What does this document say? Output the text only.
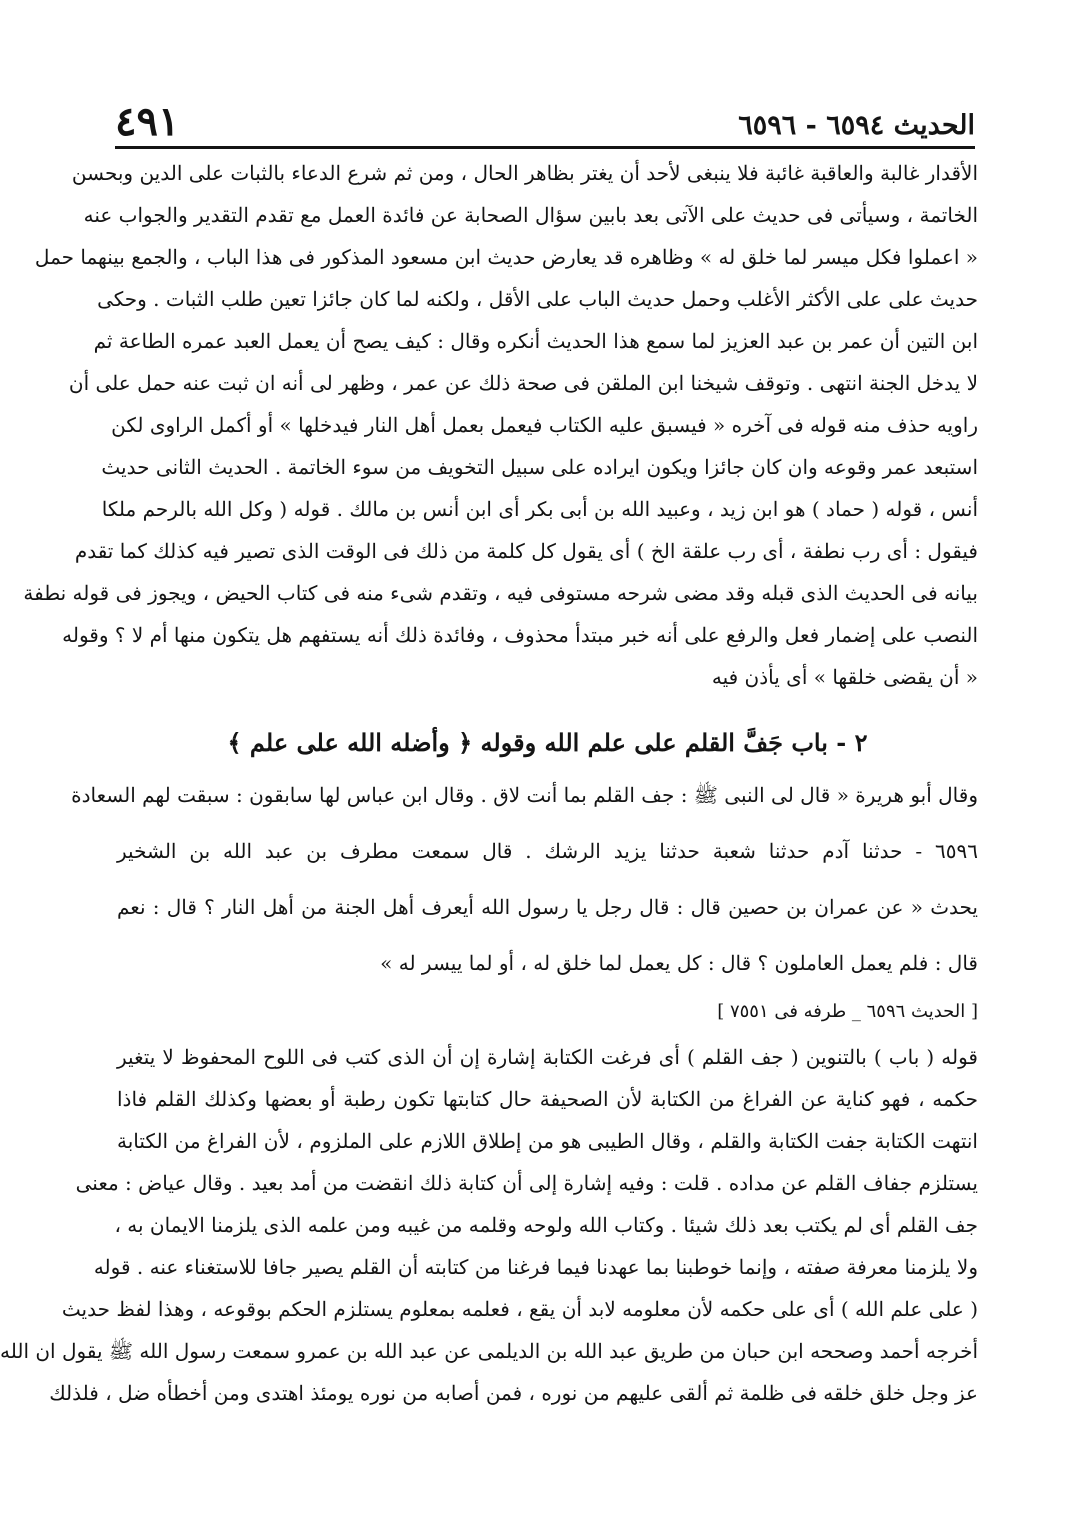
الحديث ٦٥٩٤ - ٦٥٩٦
٤٩١
الأقدار غالبة والعاقبة غائبة فلا ينبغى لأحد أن يغتر بظاهر الحال ، ومن ثم شرع الدعاء بالثبات على الدين وبحسن
الخاتمة ، وسيأتى فى حديث على الآتى بعد بابين سؤال الصحابة عن فائدة العمل مع تقدم التقدير والجواب عنه
« اعملوا فكل ميسر لما خلق له » وظاهره قد يعارض حديث ابن مسعود المذكور فى هذا الباب ، والجمع بينهما حمل
حديث على على الأكثر الأغلب وحمل حديث الباب على الأقل ، ولكنه لما كان جائزا تعين طلب الثبات . وحكى
ابن التين أن عمر بن عبد العزيز لما سمع هذا الحديث أنكره وقال : كيف يصح أن يعمل العبد عمره الطاعة ثم
لا يدخل الجنة انتهى . وتوقف شيخنا ابن الملقن فى صحة ذلك عن عمر ، وظهر لى أنه ان ثبت عنه حمل على أن
راويه حذف منه قوله فى آخره « فيسبق عليه الكتاب فيعمل بعمل أهل النار فيدخلها » أو أكمل الراوى لكن
استبعد عمر وقوعه وان كان جائزا ويكون ايراده على سبيل التخويف من سوء الخاتمة . الحديث الثانى حديث
أنس ، قوله ( حماد ) هو ابن زيد ، وعبيد الله بن أبى بكر أى ابن أنس بن مالك . قوله ( وكل الله بالرحم ملكا
فيقول : أى رب نطفة ، أى رب علقة الخ ) أى يقول كل كلمة من ذلك فى الوقت الذى تصير فيه كذلك كما تقدم
بيانه فى الحديث الذى قبله وقد مضى شرحه مستوفى فيه ، وتقدم شىء منه فى كتاب الحيض ، ويجوز فى قوله نطفة
النصب على إضمار فعل والرفع على أنه خبر مبتدأ محذوف ، وفائدة ذلك أنه يستفهم هل يتكون منها أم لا ؟ وقوله
« أن يقضى خلقها » أى يأذن فيه
٢ - باب جَفَّ القلم على علم الله وقوله ﴿ وأضله الله على علم ﴾
وقال أبو هريرة « قال لى النبى ﷺ : جف القلم بما أنت لاق . وقال ابن عباس لها سابقون : سبقت لهم السعادة
٦٥٩٦ - حدثنا آدم حدثنا شعبة حدثنا يزيد الرشك . قال سمعت مطرف بن عبد الله بن الشخير
يحدث « عن عمران بن حصين قال : قال رجل يا رسول الله أيعرف أهل الجنة من أهل النار ؟ قال : نعم
قال : فلم يعمل العاملون ؟ قال : كل يعمل لما خلق له ، أو لما ييسر له »
[ الحديث ٦٥٩٦ _ طرفه فى ٧٥٥١ ]
قوله ( باب ) بالتنوين ( جف القلم ) أى فرغت الكتابة إشارة إن أن الذى كتب فى اللوح المحفوظ لا يتغير
حكمه ، فهو كناية عن الفراغ من الكتابة لأن الصحيفة حال كتابتها تكون رطبة أو بعضها وكذلك القلم فاذا
انتهت الكتابة جفت الكتابة والقلم ، وقال الطيبى هو من إطلاق اللازم على الملزوم ، لأن الفراغ من الكتابة
يستلزم جفاف القلم عن مداده . قلت : وفيه إشارة إلى أن كتابة ذلك انقضت من أمد بعيد . وقال عياض : معنى
جف القلم أى لم يكتب بعد ذلك شيئا . وكتاب الله ولوحه وقلمه من غيبه ومن علمه الذى يلزمنا الايمان به ،
ولا يلزمنا معرفة صفته ، وإنما خوطبنا بما عهدنا فيما فرغنا من كتابته أن القلم يصير جافا للاستغناء عنه . قوله
( على علم الله ) أى على حكمه لأن معلومه لابد أن يقع ، فعلمه بمعلوم يستلزم الحكم بوقوعه ، وهذا لفظ حديث
أخرجه أحمد وصححه ابن حبان من طريق عبد الله بن الديلمى عن عبد الله بن عمرو سمعت رسول الله ﷺ يقول ان الله
عز وجل خلق خلقه فى ظلمة ثم ألقى عليهم من نوره ، فمن أصابه من نوره يومئذ اهتدى ومن أخطأه ضل ، فلذلك
